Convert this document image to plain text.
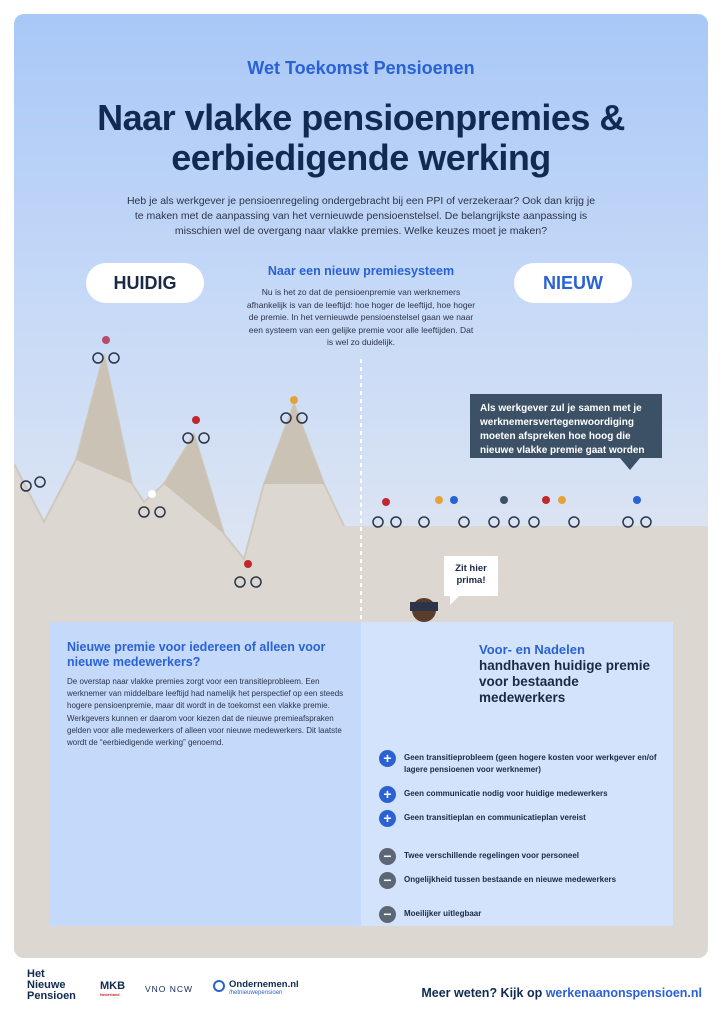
Wet Toekomst Pensioenen
Naar vlakke pensioenpremies & eerbiedigende werking

Heb je als werkgever je pensioenregeling ondergebracht bij een PPI of verzekeraar? Ook dan krijg je te maken met de aanpassing van het vernieuwde pensioenstelsel. De belangrijkste aanpassing is misschien wel de overgang naar vlakke premies. Welke keuzes moet je maken?

HUIDIG	NIEUW
Naar een nieuw premiesysteem

Nu is het zo dat de pensioenpremie van werknemers afhankelijk is van de leeftijd: hoe hoger de leeftijd, hoe hoger de premie. In het vernieuwde pensioenstelsel gaan we naar een systeem van een gelijke premie voor alle leeftijden. Dat is wel zo duidelijk.

Als werkgever zul je samen met je werknemersvertegenwoordiging moeten afspreken hoe hoog die nieuwe vlakke premie gaat worden
Zit hier prima!
Nieuwe premie voor iedereen of alleen voor nieuwe medewerkers?

De overstap naar vlakke premies zorgt voor een transitieprobleem. Een werknemer van middelbare leeftijd had namelijk het perspectief op een steeds hogere pensioenpremie, maar dit wordt in de toekomst een vlakke premie. Werkgevers kunnen er daarom voor kiezen dat de nieuwe premieafspraken gelden voor alle medewerkers of alleen voor nieuwe medewerkers. Dit laatste wordt de “eerbiedigende werking” genoemd.

Voor- en Nadelen
handhaven huidige premie voor bestaande medewerkers
+	Geen transitieprobleem (geen hogere kosten voor werkgever en/of lagere pensioenen voor werknemer)
+	Geen communicatie nodig voor huidige medewerkers
+	Geen transitieplan en communicatieplan vereist
−	Twee verschillende regelingen voor personeel
−	Ongelijkheid tussen bestaande en nieuwe medewerkers
−	Moeilijker uitlegbaar
Het
Nieuwe
Pensioen
MKB
Nederland
VNO NCW	Ondernemen.nl
/hetnieuwepensioen	Meer weten? Kijk op werkenaanonspensioen.nl
